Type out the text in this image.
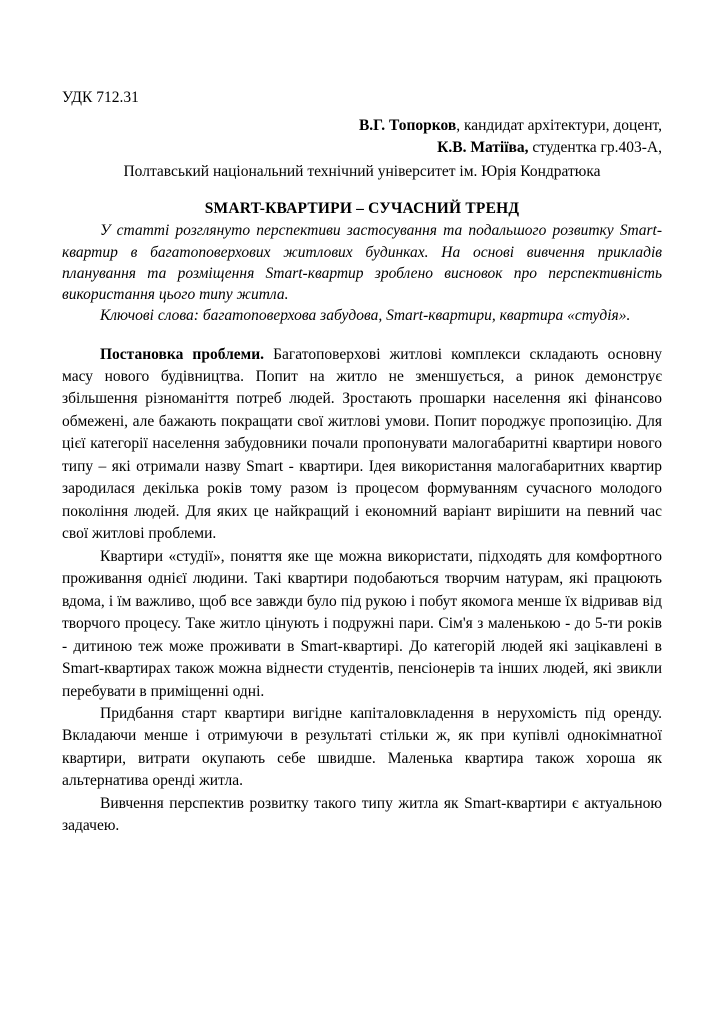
УДК 712.31
В.Г. Топорков, кандидат архітектури, доцент,
К.В. Матіїва, студентка гр.403-А,
Полтавський національний технічний університет ім. Юрія Кондратюка
SMART-КВАРТИРИ – СУЧАСНИЙ ТРЕНД

У статті розглянуто перспективи застосування та подальшого розвитку Smart-квартир в багатоповерхових житлових будинках. На основі вивчення прикладів планування та розміщення Smart-квартир зроблено висновок про перспективність використання цього типу житла.

Ключові слова: багатоповерхова забудова, Smart-квартири, квартира «студія».

Постановка проблеми. Багатоповерхові житлові комплекси складають основну масу нового будівництва. Попит на житло не зменшується, а ринок демонструє збільшення різноманіття потреб людей. Зростають прошарки населення які фінансово обмежені, але бажають покращати свої житлові умови. Попит породжує пропозицію. Для цієї категорії населення забудовники почали пропонувати малогабаритні квартири нового типу – які отримали назву Smart - квартири. Ідея використання малогабаритних квартир зародилася декілька років тому разом із процесом формуванням сучасного молодого покоління людей. Для яких це найкращий і економний варіант вирішити на певний час свої житлові проблеми.

Квартири «студії», поняття яке ще можна використати, підходять для комфортного проживання однієї людини. Такі квартири подобаються творчим натурам, які працюють вдома, і їм важливо, щоб все завжди було під рукою і побут якомога менше їх відривав від творчого процесу. Таке житло цінують і подружні пари. Сім'я з маленькою - до 5-ти років - дитиною теж може проживати в Smart-квартирі. До категорій людей які зацікавлені в Smart-квартирах також можна віднести студентів, пенсіонерів та інших людей, які звикли перебувати в приміщенні одні.

Придбання старт квартири вигідне капіталовкладення в нерухомість під оренду. Вкладаючи менше і отримуючи в результаті стільки ж, як при купівлі однокімнатної квартири, витрати окупають себе швидше. Маленька квартира також хороша як альтернатива оренді житла.

Вивчення перспектив розвитку такого типу житла як Smart-квартири є актуальною задачею.
